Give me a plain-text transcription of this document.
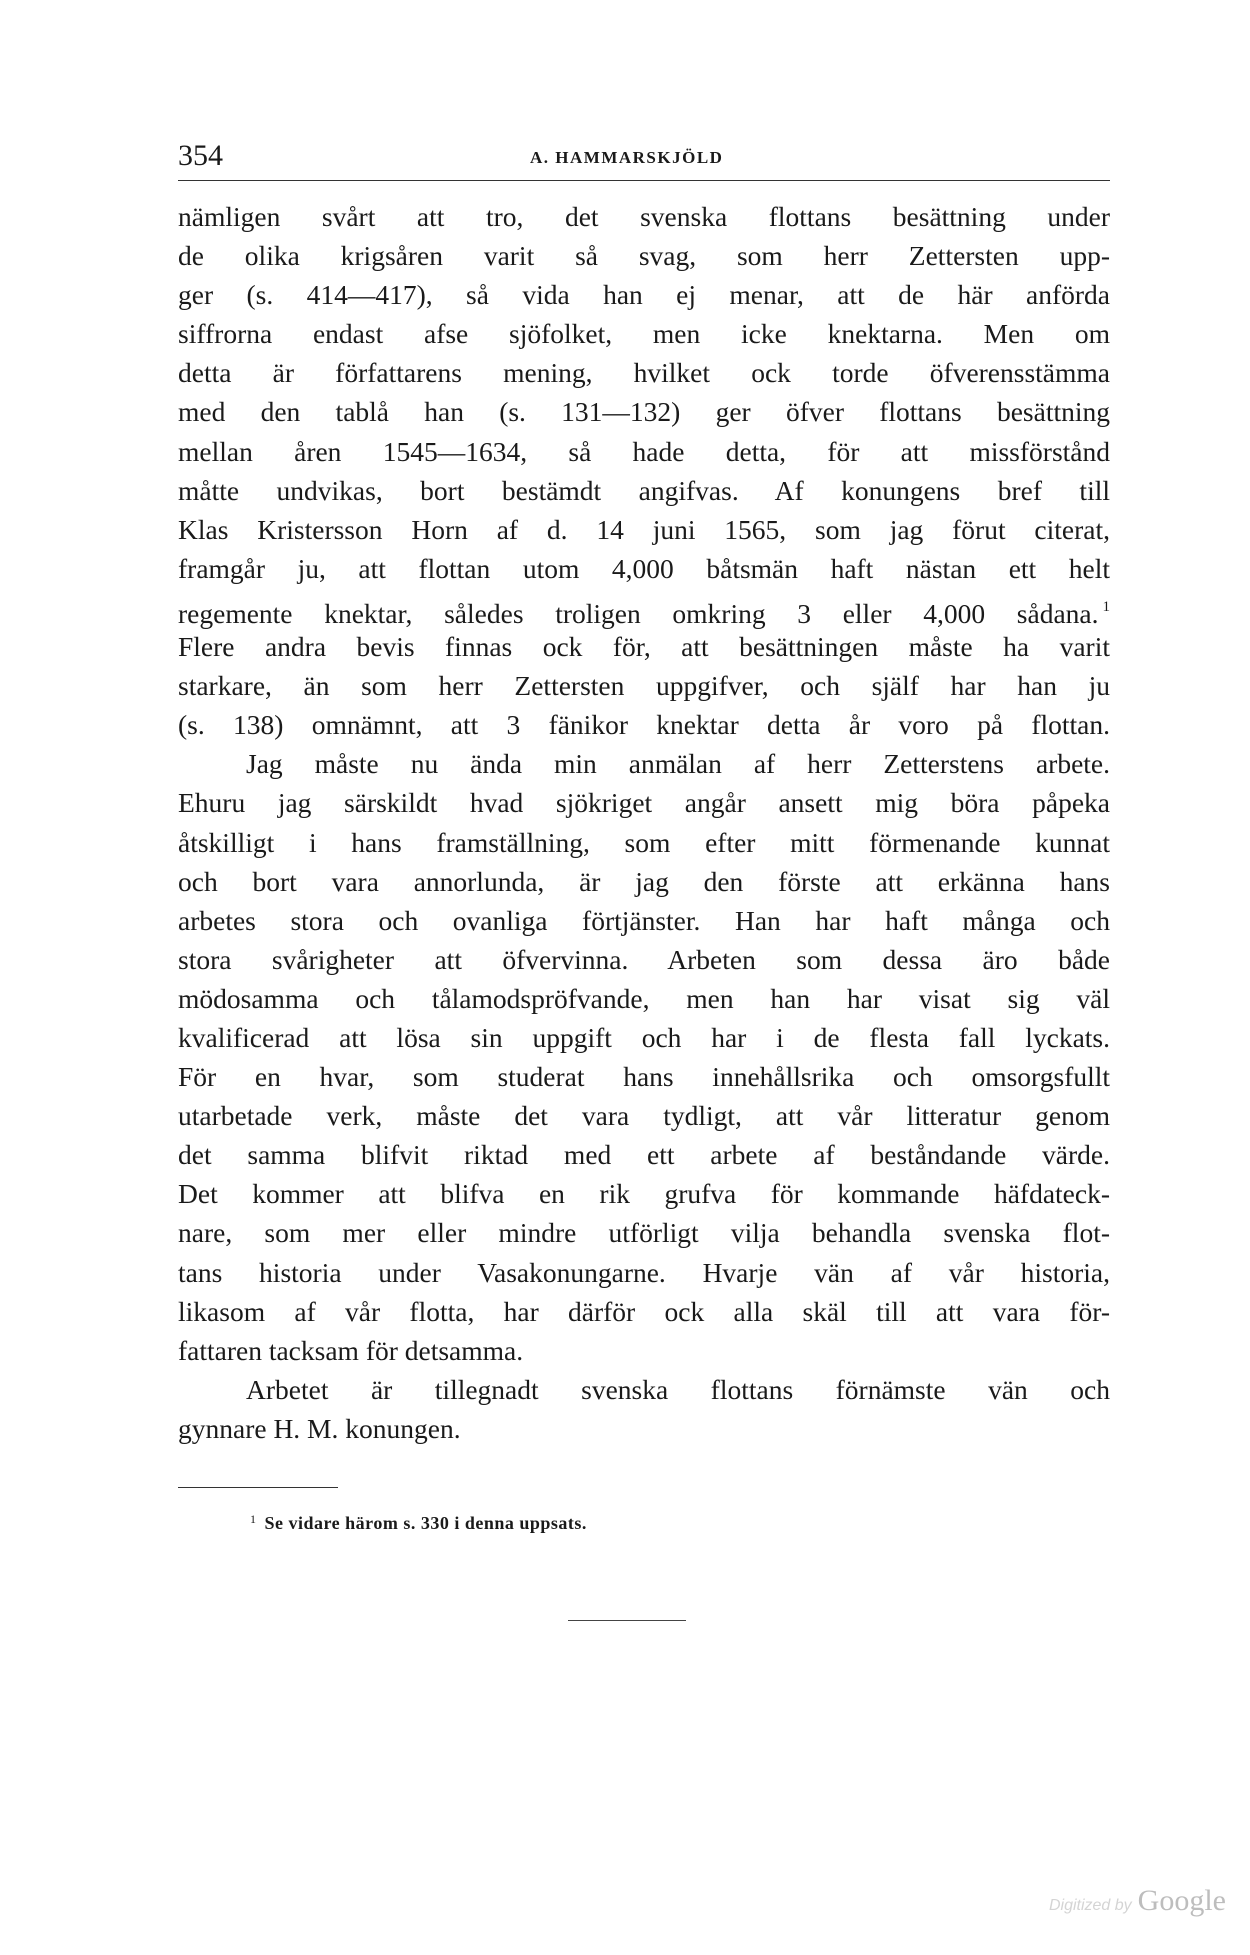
354	A. HAMMARSKJÖLD
nämligen svårt att tro, det svenska flottans besättning under
de olika krigsåren varit så svag, som herr Zettersten upp-
ger (s. 414—417), så vida han ej menar, att de här anförda
siffrorna endast afse sjöfolket, men icke knektarna. Men om
detta är författarens mening, hvilket ock torde öfverensstämma
med den tablå han (s. 131—132) ger öfver flottans besättning
mellan åren 1545—1634, så hade detta, för att missförstånd
måtte undvikas, bort bestämdt angifvas. Af konungens bref till
Klas Kristersson Horn af d. 14 juni 1565, som jag förut citerat,
framgår ju, att flottan utom 4,000 båtsmän haft nästan ett helt
regemente knektar, således troligen omkring 3 eller 4,000 sådana. $^1$
Flere andra bevis finnas ock för, att besättningen måste ha varit
starkare, än som herr Zettersten uppgifver, och själf har han ju
(s. 138) omnämnt, att 3 fänikor knektar detta år voro på flottan.
Jag måste nu ända min anmälan af herr Zetterstens arbete.
Ehuru jag särskildt hvad sjökriget angår ansett mig böra påpeka
åtskilligt i hans framställning, som efter mitt förmenande kunnat
och bort vara annorlunda, är jag den förste att erkänna hans
arbetes stora och ovanliga förtjänster. Han har haft många och
stora svårigheter att öfvervinna. Arbeten som dessa äro både
mödosamma och tålamodspröfvande, men han har visat sig väl
kvalificerad att lösa sin uppgift och har i de flesta fall lyckats.
För en hvar, som studerat hans innehållsrika och omsorgsfullt
utarbetade verk, måste det vara tydligt, att vår litteratur genom
det samma blifvit riktad med ett arbete af beståndande värde.
Det kommer att blifva en rik grufva för kommande häfdateck-
nare, som mer eller mindre utförligt vilja behandla svenska flot-
tans historia under Vasakonungarne. Hvarje vän af vår historia,
likasom af vår flotta, har därför ock alla skäl till att vara för-
fattaren tacksam för detsamma.
Arbetet är tillegnadt svenska flottans förnämste vän och
gynnare H. M. konungen.
$^1$ Se vidare härom s. 330 i denna uppsats.
Digitized by Google
